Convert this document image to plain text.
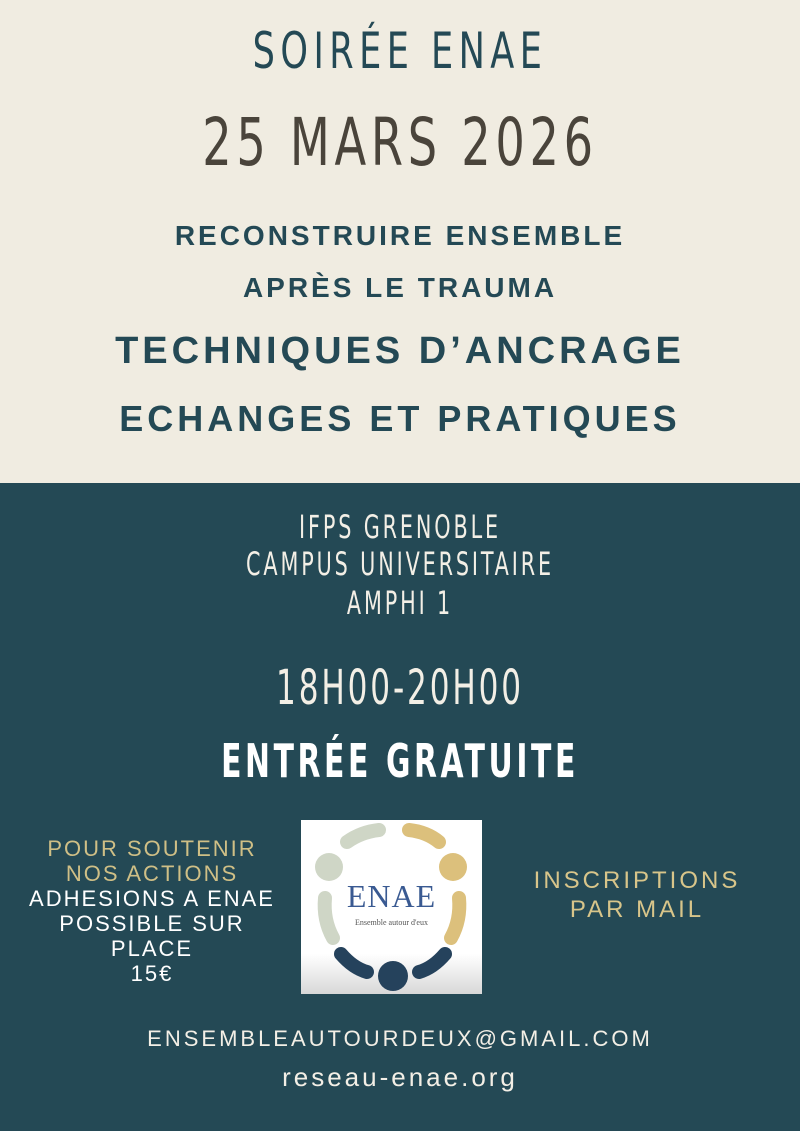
SOIRÉE ENAE
25 MARS 2026
RECONSTRUIRE ENSEMBLE
APRÈS LE TRAUMA
TECHNIQUES D’ANCRAGE
ECHANGES ET PRATIQUES
IFPS GRENOBLE
CAMPUS UNIVERSITAIRE
AMPHI 1
18H00-20H00
ENTRÉE GRATUITE
POUR SOUTENIR
NOS ACTIONS
ADHESIONS A ENAE
POSSIBLE SUR
PLACE
15€
ENAE
Ensemble autour d'eux
INSCRIPTIONS
PAR MAIL
ENSEMBLEAUTOURDEUX@GMAIL.COM
reseau-enae.org
